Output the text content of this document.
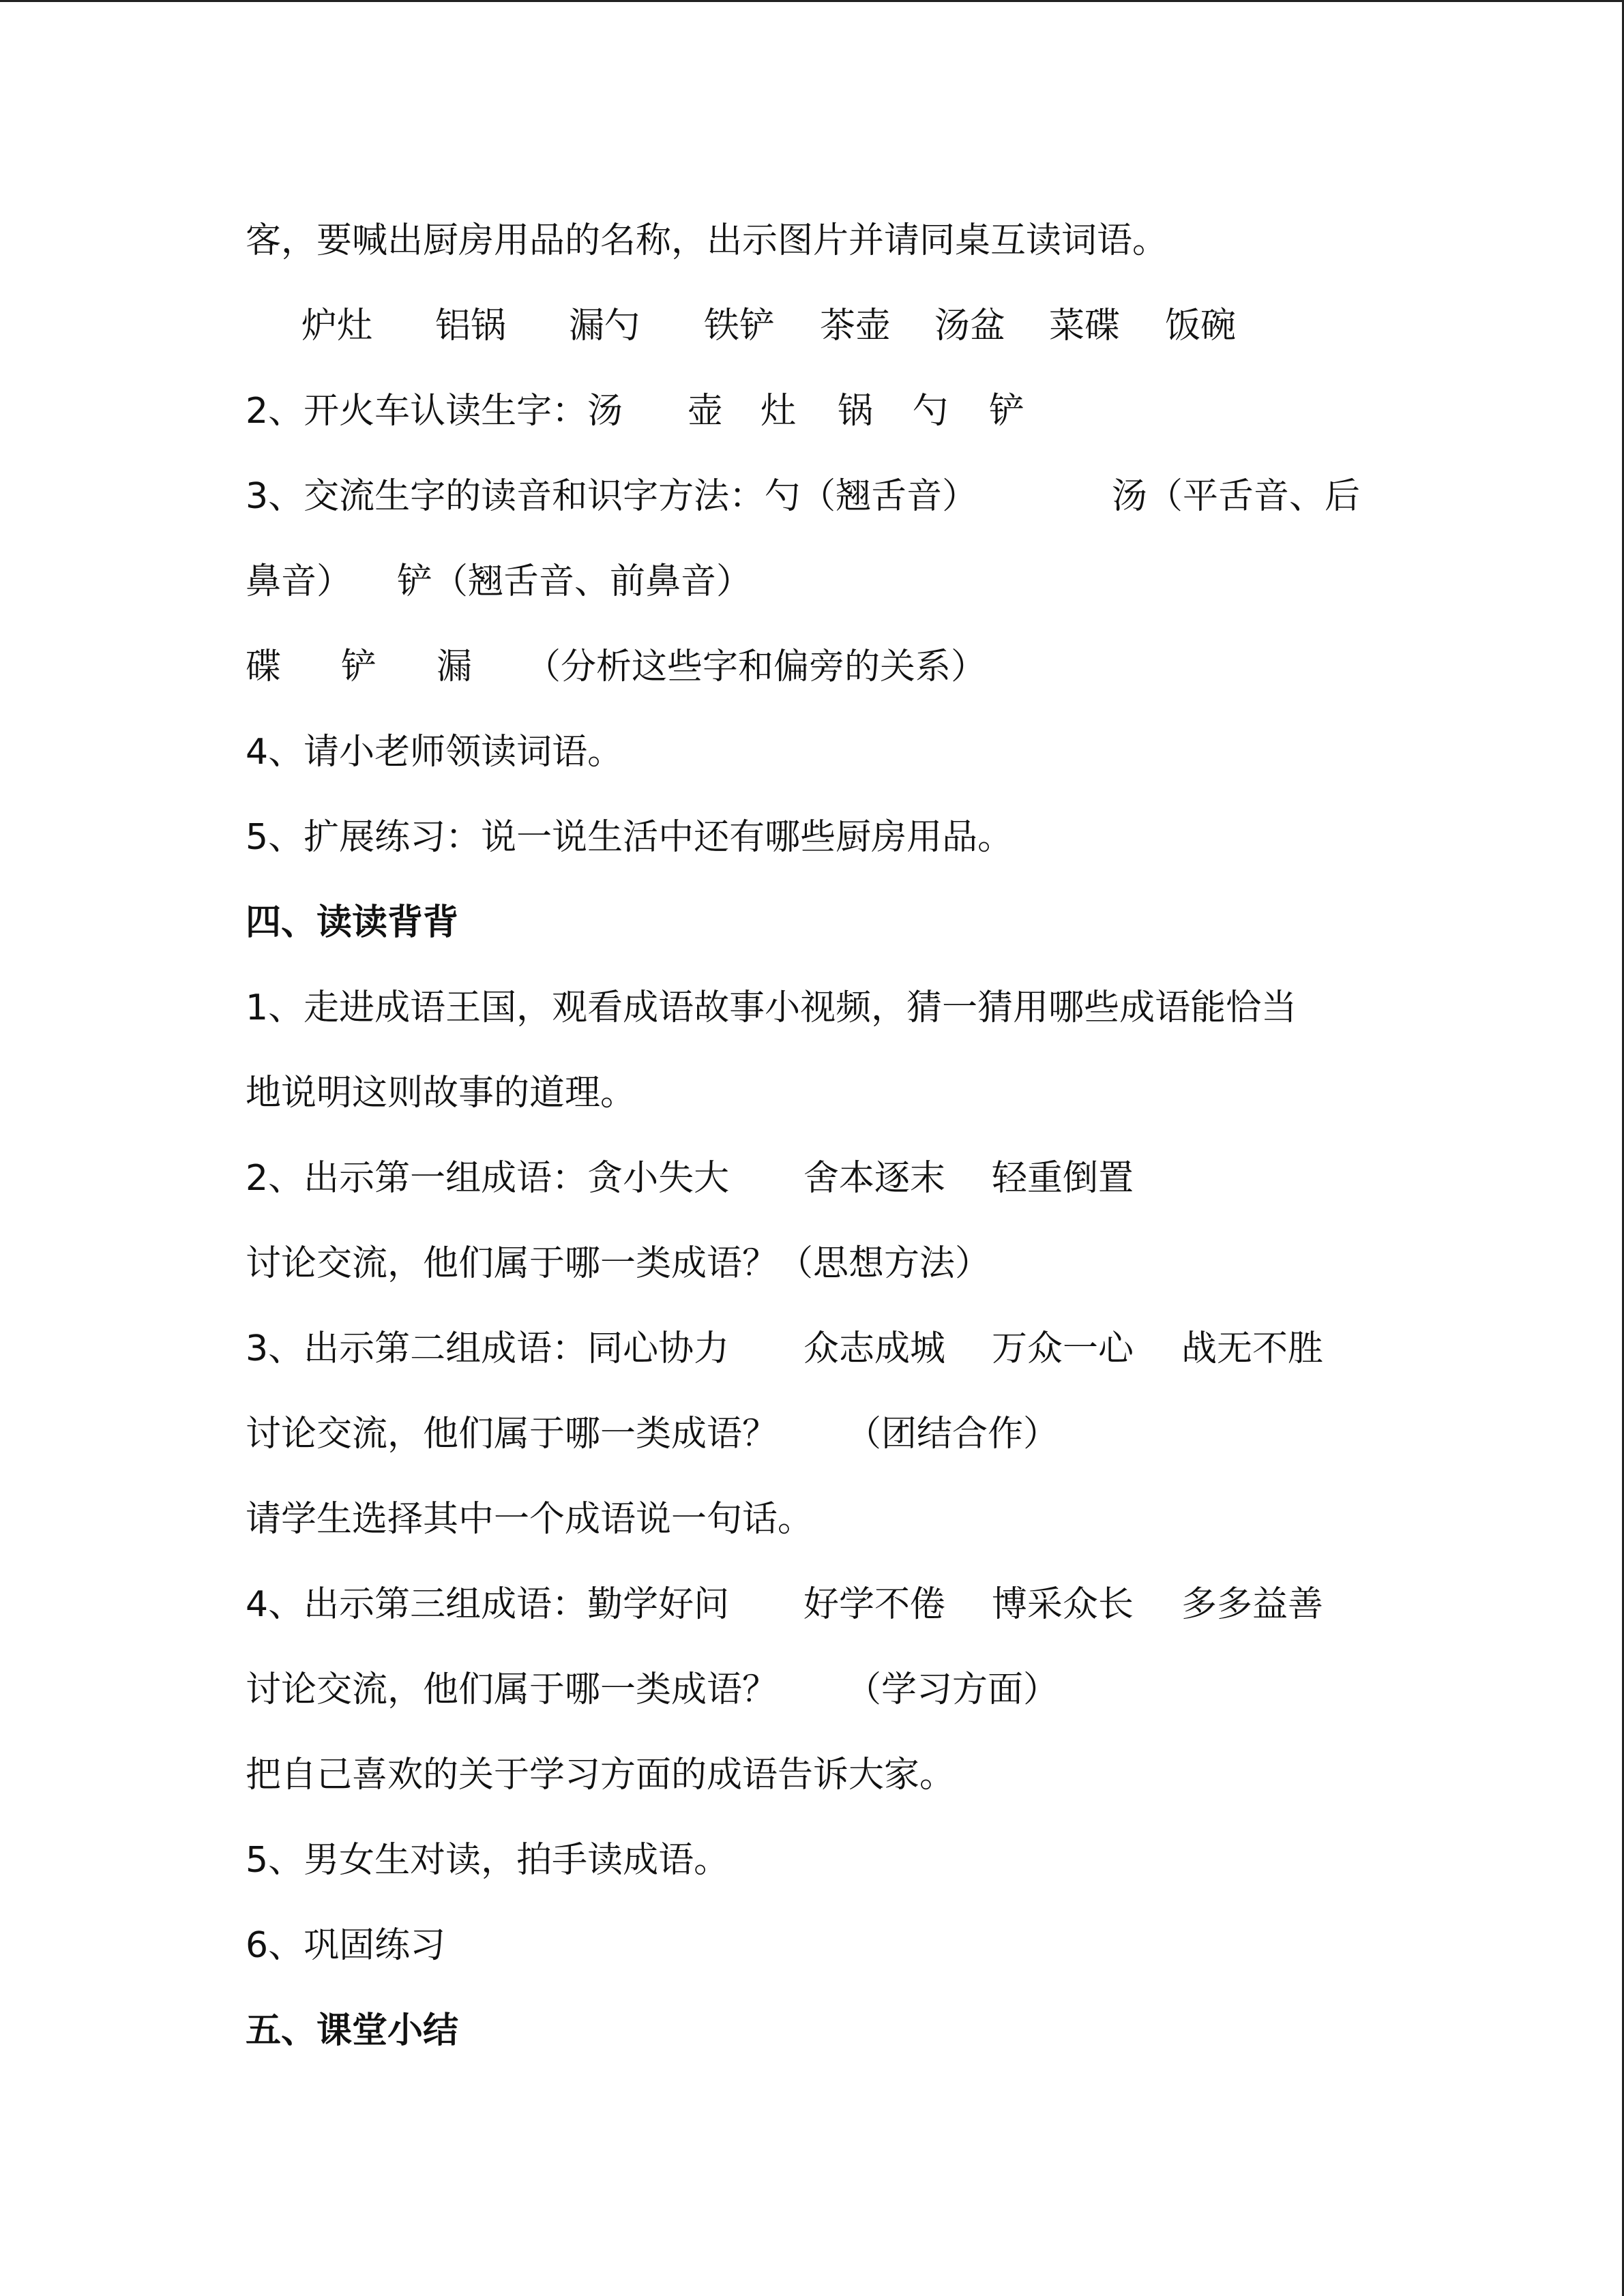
客，要喊出厨房用品的名称，出示图片并请同桌互读词语。

炉灶

铝锅

漏勺

铁铲

茶壶

汤盆

菜碟

饭碗

2、开火车认读生字：汤

壶

灶

锅

勺

铲

3、交流生字的读音和识字方法：勺（翘舌音）

	汤（平舌音、后

鼻音）

铲（翘舌音、前鼻音）

碟

铲

漏

（分析这些字和偏旁的关系）

4、请小老师领读词语。
5、扩展练习：说一说生活中还有哪些厨房用品。
四、读读背背
1、走进成语王国，观看成语故事小视频，猜一猜用哪些成语能恰当
地说明这则故事的道理。

2、出示第一组成语：贪小失大

舍本逐末

轻重倒置

讨论交流，他们属于哪一类成语？（思想方法）

3、出示第二组成语：同心协力

众志成城

万众一心

战无不胜

讨论交流，他们属于哪一类成语？

（团结合作）

请学生选择其中一个成语说一句话。

4、出示第三组成语：勤学好问

好学不倦

博采众长

多多益善

讨论交流，他们属于哪一类成语？

（学习方面）

把自己喜欢的关于学习方面的成语告诉大家。
5、男女生对读，拍手读成语。
6、巩固练习
五、课堂小结
